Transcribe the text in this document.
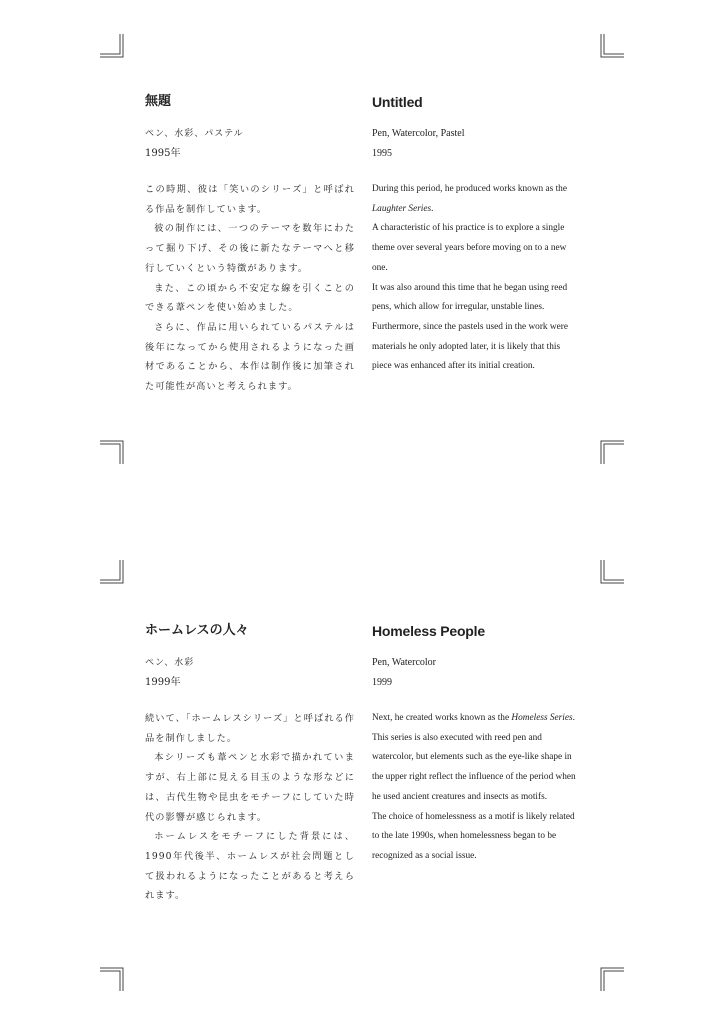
無題
ペン、水彩、パステル
1995年

この時期、彼は「笑いのシリーズ」と呼ばれる作品を制作しています。

彼の制作には、一つのテーマを数年にわたって掘り下げ、その後に新たなテーマへと移行していくという特徴があります。

また、この頃から不安定な線を引くことのできる葦ペンを使い始めました。

さらに、作品に用いられているパステルは後年になってから使用されるようになった画材であることから、本作は制作後に加筆された可能性が高いと考えられます。

Untitled
Pen, Watercolor, Pastel
1995

During this period, he produced works known as the Laughter Series.

A characteristic of his practice is to explore a single theme over several years before moving on to a new one.

It was also around this time that he began using reed pens, which allow for irregular, unstable lines.

Furthermore, since the pastels used in the work were materials he only adopted later, it is likely that this piece was enhanced after its initial creation.

ホームレスの人々
ペン、水彩
1999年

続いて、「ホームレスシリーズ」と呼ばれる作品を制作しました。

本シリーズも葦ペンと水彩で描かれていますが、右上部に見える目玉のような形などには、古代生物や昆虫をモチーフにしていた時代の影響が感じられます。

ホームレスをモチーフにした背景には、1990年代後半、ホームレスが社会問題として扱われるようになったことがあると考えられます。

Homeless People
Pen, Watercolor
1999

Next, he created works known as the Homeless Series.

This series is also executed with reed pen and watercolor, but elements such as the eye-like shape in the upper right reflect the influence of the period when he used ancient creatures and insects as motifs.

The choice of homelessness as a motif is likely related to the late 1990s, when homelessness began to be recognized as a social issue.
